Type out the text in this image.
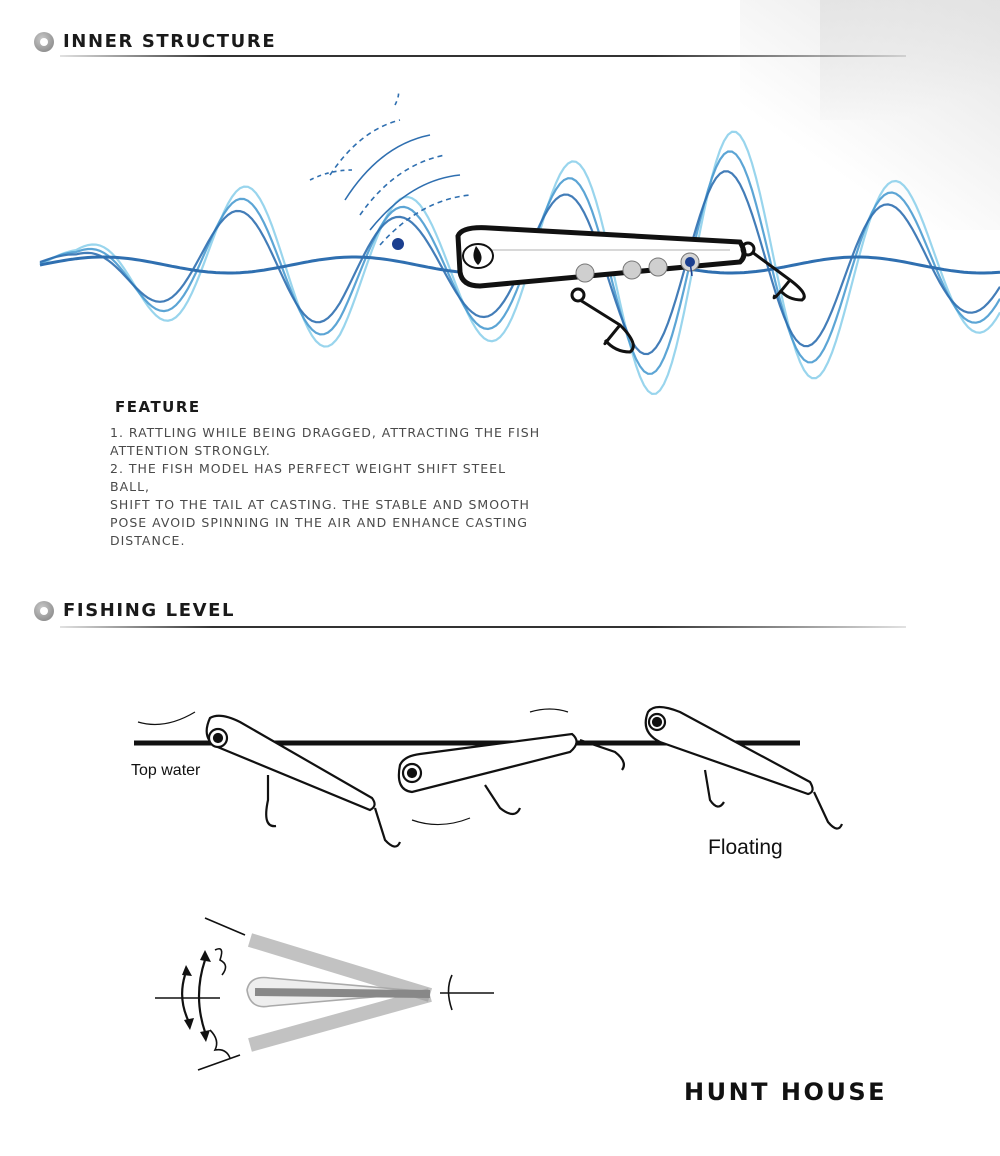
INNER STRUCTURE
FEATURE
1. RATTLING WHILE BEING DRAGGED, ATTRACTING THE FISH
ATTENTION STRONGLY.
2. THE FISH MODEL HAS PERFECT WEIGHT SHIFT STEEL BALL,
SHIFT TO THE TAIL AT CASTING. THE STABLE AND SMOOTH
POSE AVOID SPINNING IN THE AIR AND ENHANCE CASTING
DISTANCE.
FISHING LEVEL
Top water
Floating
HUNT HOUSE
